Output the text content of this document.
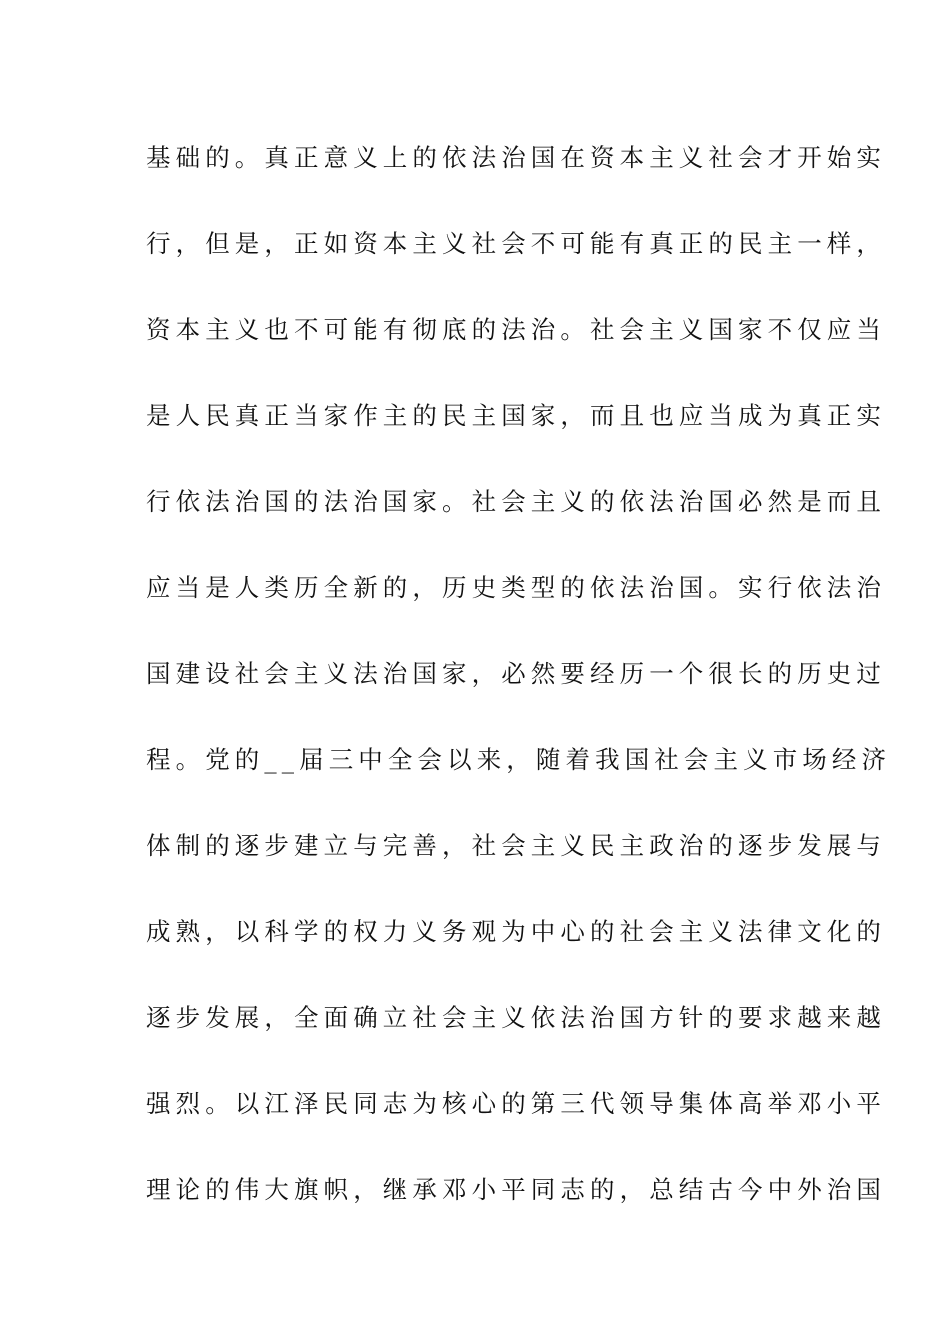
基础的。真正意义上的依法治国在资本主义社会才开始实
行，但是，正如资本主义社会不可能有真正的民主一样，
资本主义也不可能有彻底的法治。社会主义国家不仅应当
是人民真正当家作主的民主国家，而且也应当成为真正实
行依法治国的法治国家。社会主义的依法治国必然是而且
应当是人类历全新的，历史类型的依法治国。实行依法治
国建设社会主义法治国家，必然要经历一个很长的历史过
程。党的__届三中全会以来，随着我国社会主义市场经济
体制的逐步建立与完善，社会主义民主政治的逐步发展与
成熟，以科学的权力义务观为中心的社会主义法律文化的
逐步发展，全面确立社会主义依法治国方针的要求越来越
强烈。以江泽民同志为核心的第三代领导集体高举邓小平
理论的伟大旗帜，继承邓小平同志的，总结古今中外治国
